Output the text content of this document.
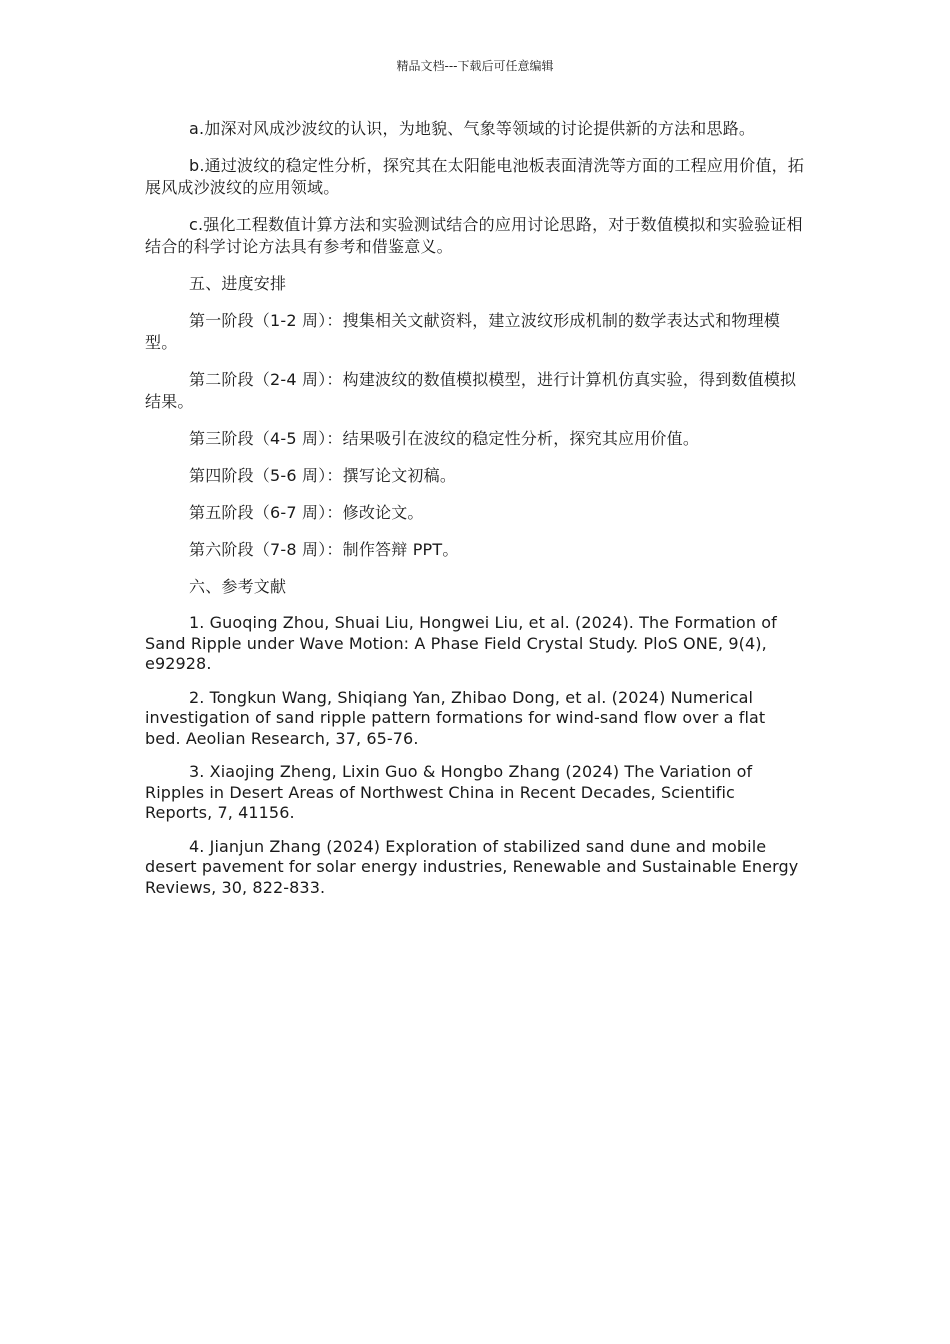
精品文档---下载后可任意编辑

a.加深对风成沙波纹的认识，为地貌、气象等领域的讨论提供新的方法和思路。

b.通过波纹的稳定性分析，探究其在太阳能电池板表面清洗等方面的工程应用价值，拓展风成沙波纹的应用领域。

c.强化工程数值计算方法和实验测试结合的应用讨论思路，对于数值模拟和实验验证相结合的科学讨论方法具有参考和借鉴意义。

五、进度安排

第一阶段（1-2 周）：搜集相关文献资料，建立波纹形成机制的数学表达式和物理模型。

第二阶段（2-4 周）：构建波纹的数值模拟模型，进行计算机仿真实验，得到数值模拟结果。

第三阶段（4-5 周）：结果吸引在波纹的稳定性分析，探究其应用价值。

第四阶段（5-6 周）：撰写论文初稿。

第五阶段（6-7 周）：修改论文。

第六阶段（7-8 周）：制作答辩 PPT。

六、参考文献

1. Guoqing Zhou, Shuai Liu, Hongwei Liu, et al. (2024). The Formation of Sand Ripple under Wave Motion: A Phase Field Crystal Study. PloS ONE, 9(4), e92928.

2. Tongkun Wang, Shiqiang Yan, Zhibao Dong, et al. (2024) Numerical investigation of sand ripple pattern formations for wind-sand flow over a flat bed. Aeolian Research, 37, 65-76.

3. Xiaojing Zheng, Lixin Guo & Hongbo Zhang (2024) The Variation of Ripples in Desert Areas of Northwest China in Recent Decades, Scientific Reports, 7, 41156.

4. Jianjun Zhang (2024) Exploration of stabilized sand dune and mobile desert pavement for solar energy industries, Renewable and Sustainable Energy Reviews, 30, 822-833.
